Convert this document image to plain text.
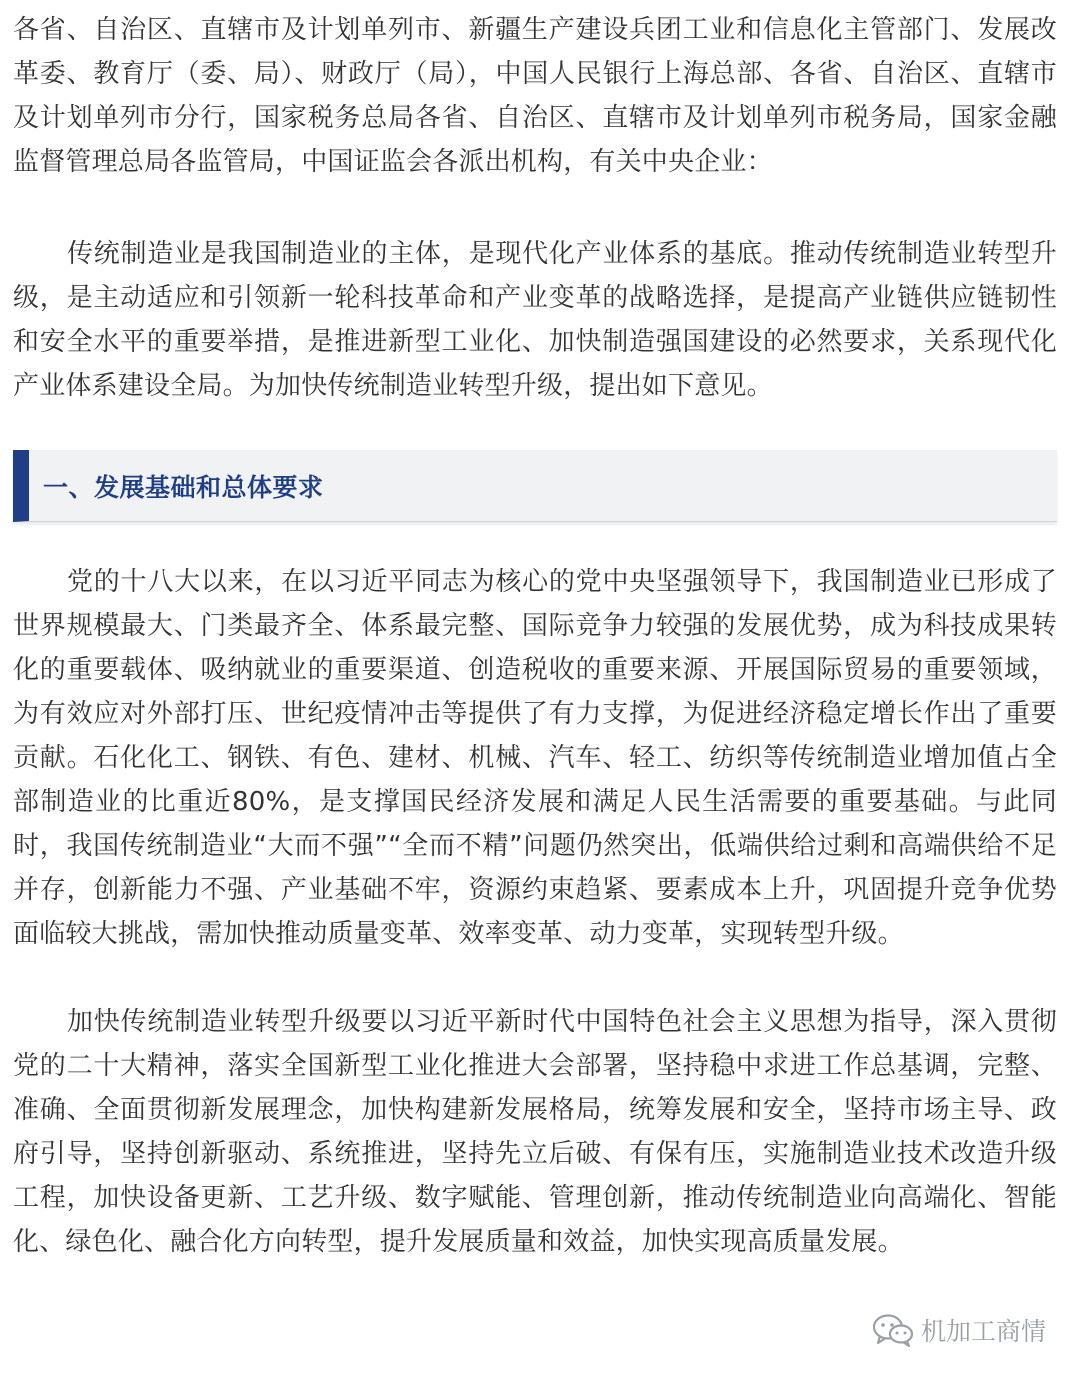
各省、自治区、直辖市及计划单列市、新疆生产建设兵团工业和信息化主管部门、发展改革委、教育厅（委、局）、财政厅（局），中国人民银行上海总部、各省、自治区、直辖市及计划单列市分行，国家税务总局各省、自治区、直辖市及计划单列市税务局，国家金融监督管理总局各监管局，中国证监会各派出机构，有关中央企业：

传统制造业是我国制造业的主体，是现代化产业体系的基底。推动传统制造业转型升级，是主动适应和引领新一轮科技革命和产业变革的战略选择，是提高产业链供应链韧性和安全水平的重要举措，是推进新型工业化、加快制造强国建设的必然要求，关系现代化产业体系建设全局。为加快传统制造业转型升级，提出如下意见。

一、发展基础和总体要求

党的十八大以来，在以习近平同志为核心的党中央坚强领导下，我国制造业已形成了世界规模最大、门类最齐全、体系最完整、国际竞争力较强的发展优势，成为科技成果转化的重要载体、吸纳就业的重要渠道、创造税收的重要来源、开展国际贸易的重要领域，为有效应对外部打压、世纪疫情冲击等提供了有力支撑，为促进经济稳定增长作出了重要贡献。石化化工、钢铁、有色、建材、机械、汽车、轻工、纺织等传统制造业增加值占全部制造业的比重近80%，是支撑国民经济发展和满足人民生活需要的重要基础。与此同时，我国传统制造业“大而不强”“全而不精”问题仍然突出，低端供给过剩和高端供给不足并存，创新能力不强、产业基础不牢，资源约束趋紧、要素成本上升，巩固提升竞争优势面临较大挑战，需加快推动质量变革、效率变革、动力变革，实现转型升级。

加快传统制造业转型升级要以习近平新时代中国特色社会主义思想为指导，深入贯彻党的二十大精神，落实全国新型工业化推进大会部署，坚持稳中求进工作总基调，完整、准确、全面贯彻新发展理念，加快构建新发展格局，统筹发展和安全，坚持市场主导、政府引导，坚持创新驱动、系统推进，坚持先立后破、有保有压，实施制造业技术改造升级工程，加快设备更新、工艺升级、数字赋能、管理创新，推动传统制造业向高端化、智能化、绿色化、融合化方向转型，提升发展质量和效益，加快实现高质量发展。

机加工商情
